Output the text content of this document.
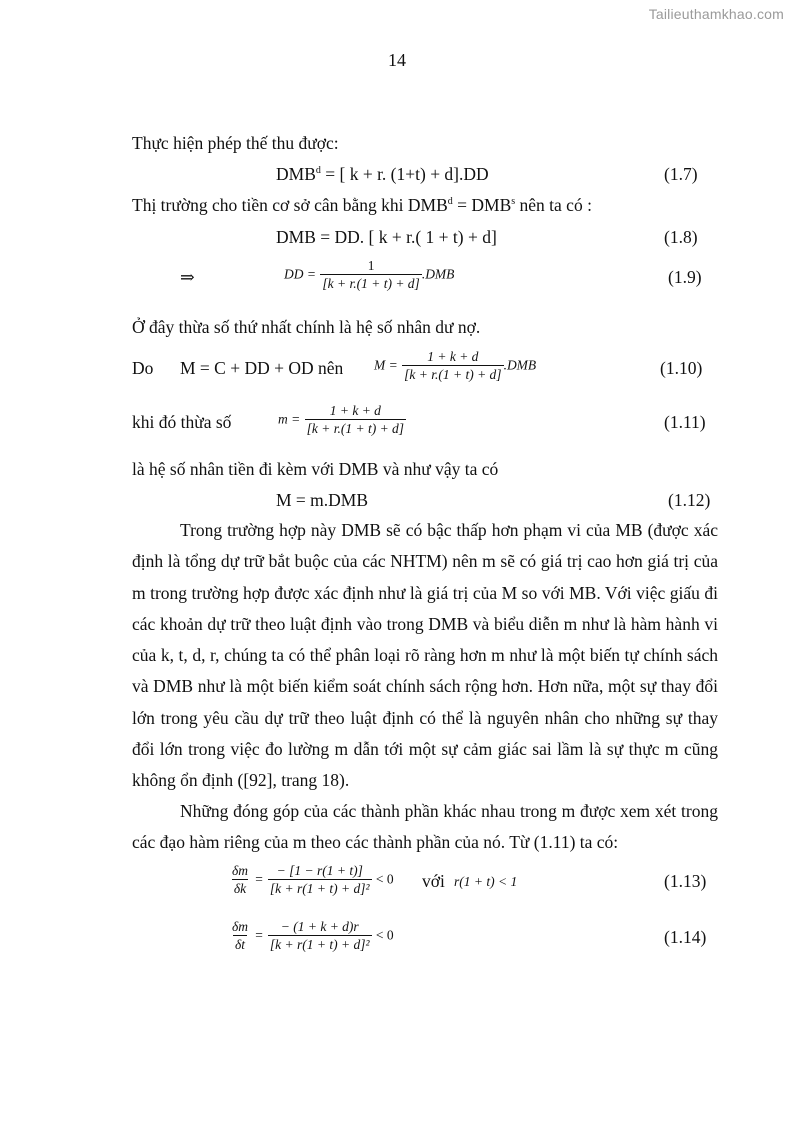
Tailieuthamkhao.com
14
Thực hiện phép thế thu được:
$DMB^d$ = [ k + r. (1+t) + d].DD	(1.7)
Thị trường cho tiền cơ sở cân bằng khi $DMB^d = DMB^s$ nên ta có :
DMB = DD. [ k + r.( 1 + t) + d]	(1.8)
⇒	DD = $\frac{1}{[k + r.(1 + t) + d]} .DMB$	(1.9)
Ở đây thừa số thứ nhất chính là hệ số nhân dư nợ.
Do M = C + DD + OD nên $M = \frac{1 + k + d}{[k + r.(1 + t) + d]} .DMB$	(1.10)
khi đó thừa số	$m = \frac{1 + k + d}{[k + r.(1 + t) + d]}$	(1.11)
là hệ số nhân tiền đi kèm với DMB và như vậy ta có
M = m.DMB	(1.12)
Trong trường hợp này DMB sẽ có bậc thấp hơn phạm vi của MB (được xác định là tổng dự trữ bắt buộc của các NHTM) nên m sẽ có giá trị cao hơn giá trị của m trong trường hợp được xác định như là giá trị của M so với MB. Với việc giấu đi các khoản dự trữ theo luật định vào trong DMB và biểu diễn m như là hàm hành vi của k, t, d, r, chúng ta có thể phân loại rõ ràng hơn m như là một biến tự chính sách và DMB như là một biến kiểm soát chính sách rộng hơn. Hơn nữa, một sự thay đổi lớn trong yêu cầu dự trữ theo luật định có thể là nguyên nhân cho những sự thay đổi lớn trong việc đo lường m dẫn tới một sự cảm giác sai lầm là sự thực m cũng không ổn định ([92], trang 18).
Những đóng góp của các thành phần khác nhau trong m được xem xét trong các đạo hàm riêng của m theo các thành phần của nó. Từ (1.11) ta có:
$\frac{\delta m}{\delta k} = \frac{- [1 - r(1 + t)]}{\text{[k + r(1 + t) + d]²}} < 0$ với r(1 + t) < 1	(1.13)
$\frac{\delta m}{\delta t} = \frac{- (1 + k + d)r}{\text{[k + r(1 + t) + d]²}} < 0$	(1.14)
